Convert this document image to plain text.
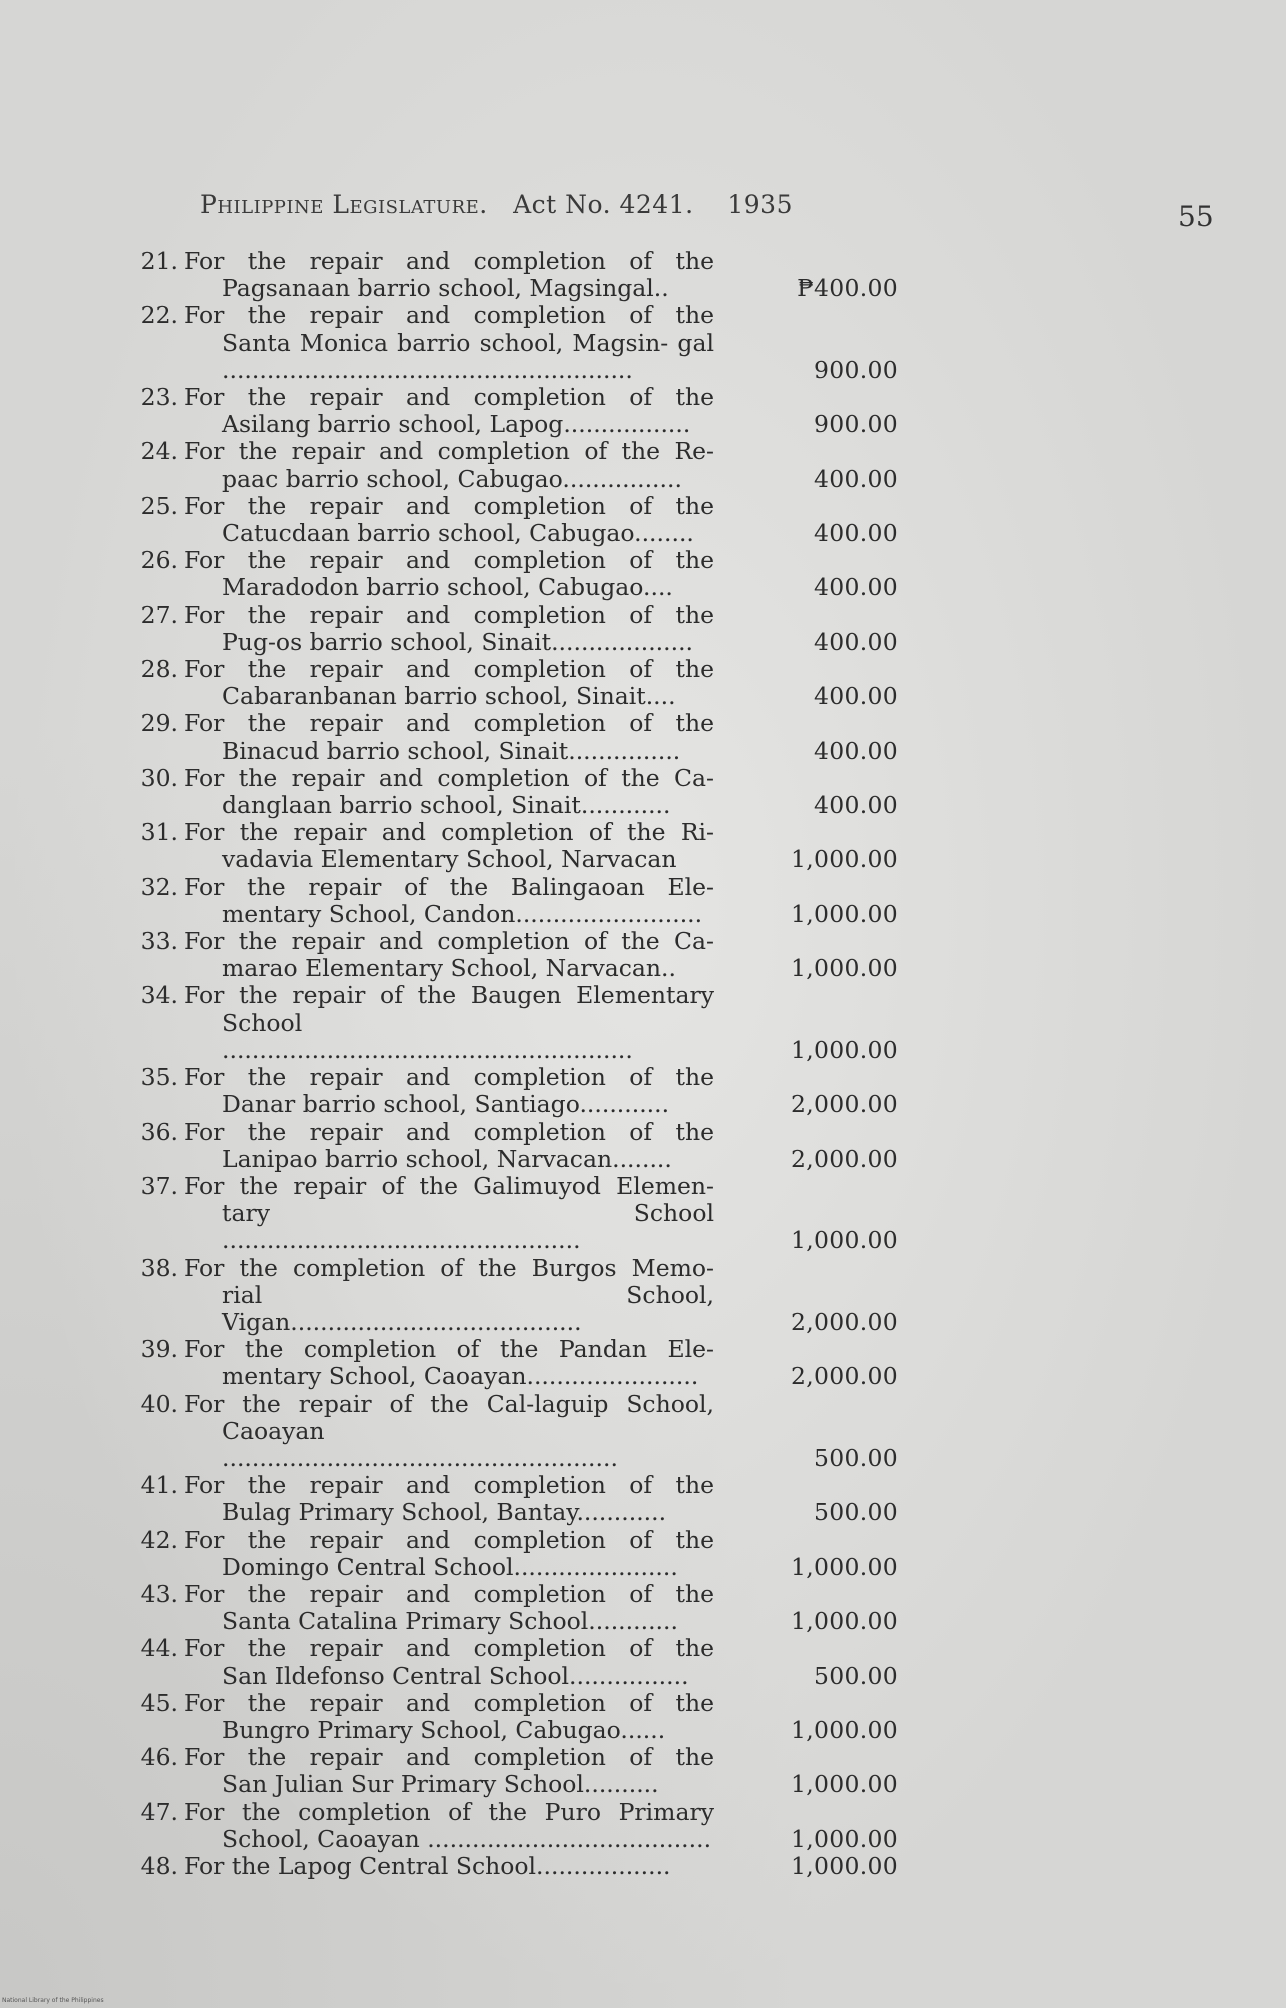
Philippine Legislature. Act No. 4241. 1935	55
21. For the repair and completion of the
Pagsanaan barrio school, Magsingal..	₱400.00
22. For the repair and completion of the
Santa Monica barrio school, Magsin- gal .......................................................	900.00
23. For the repair and completion of the
Asilang barrio school, Lapog.................	900.00
24. For the repair and completion of the Re-
paac barrio school, Cabugao................	400.00
25. For the repair and completion of the
Catucdaan barrio school, Cabugao........	400.00
26. For the repair and completion of the
Maradodon barrio school, Cabugao....	400.00
27. For the repair and completion of the
Pug-os barrio school, Sinait...................	400.00
28. For the repair and completion of the
Cabaranbanan barrio school, Sinait....	400.00
29. For the repair and completion of the
Binacud barrio school, Sinait...............	400.00
30. For the repair and completion of the Ca-
danglaan barrio school, Sinait............	400.00
31. For the repair and completion of the Ri-
vadavia Elementary School, Narvacan	1,000.00
32. For the repair of the Balingaoan Ele-
mentary School, Candon.........................	1,000.00
33. For the repair and completion of the Ca-
marao Elementary School, Narvacan..	1,000.00
34. For the repair of the Baugen Elementary
School .......................................................	1,000.00
35. For the repair and completion of the
Danar barrio school, Santiago............	2,000.00
36. For the repair and completion of the
Lanipao barrio school, Narvacan........	2,000.00
37. For the repair of the Galimuyod Elemen-
tary School ................................................	1,000.00
38. For the completion of the Burgos Memo-
rial School, Vigan.......................................	2,000.00
39. For the completion of the Pandan Ele-
mentary School, Caoayan.......................	2,000.00
40. For the repair of the Cal-laguip School,
Caoayan .....................................................	500.00
41. For the repair and completion of the
Bulag Primary School, Bantay............	500.00
42. For the repair and completion of the
Domingo Central School......................	1,000.00
43. For the repair and completion of the
Santa Catalina Primary School............	1,000.00
44. For the repair and completion of the
San Ildefonso Central School................	500.00
45. For the repair and completion of the
Bungro Primary School, Cabugao......	1,000.00
46. For the repair and completion of the
San Julian Sur Primary School..........	1,000.00
47. For the completion of the Puro Primary
School, Caoayan ......................................	1,000.00
48. For the Lapog Central School..................	1,000.00
National Library of the Philippines
